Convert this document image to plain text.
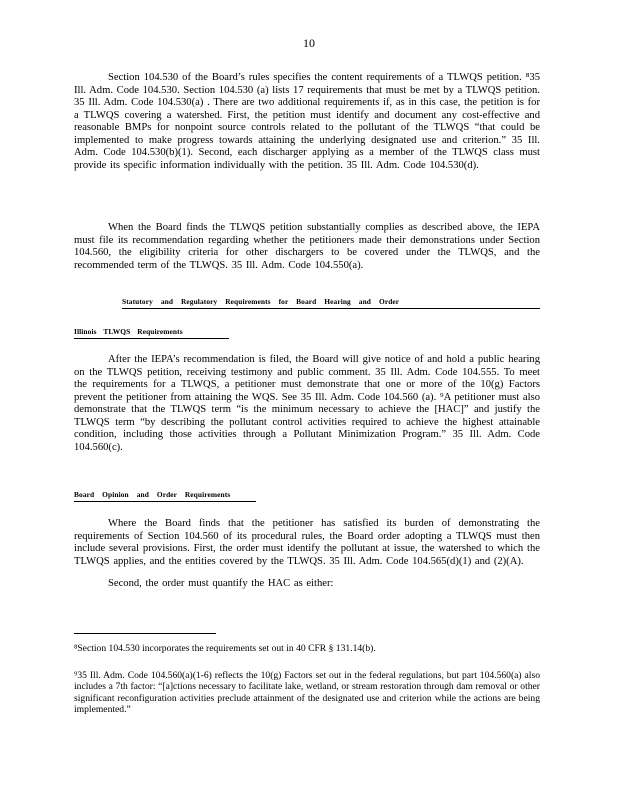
10

Section 104.530 of the Board’s rules specifies the content requirements of a TLWQS petition. ⁸35 Ill. Adm. Code 104.530. Section 104.530 (a) lists 17 requirements that must be met by a TLWQS petition. 35 Ill. Adm. Code 104.530(a) . There are two additional requirements if, as in this case, the petition is for a TLWQS covering a watershed. First, the petition must identify and document any cost-effective and reasonable BMPs for nonpoint source controls related to the pollutant of the TLWQS “that could be implemented to make progress towards attaining the underlying designated use and criterion.” 35 Ill. Adm. Code 104.530(b)(1). Second, each discharger applying as a member of the TLWQS class must provide its specific information individually with the petition. 35 Ill. Adm. Code 104.530(d).

When the Board finds the TLWQS petition substantially complies as described above, the IEPA must file its recommendation regarding whether the petitioners made their demonstrations under Section 104.560, the eligibility criteria for other dischargers to be covered under the TLWQS, and the recommended term of the TLWQS. 35 Ill. Adm. Code 104.550(a).

Statutory and Regulatory Requirements for Board Hearing and Order
Illinois TLWQS Requirements

After the IEPA’s recommendation is filed, the Board will give notice of and hold a public hearing on the TLWQS petition, receiving testimony and public comment. 35 Ill. Adm. Code 104.555. To meet the requirements for a TLWQS, a petitioner must demonstrate that one or more of the 10(g) Factors prevent the petitioner from attaining the WQS. See 35 Ill. Adm. Code 104.560 (a). ⁹A petitioner must also demonstrate that the TLWQS term “is the minimum necessary to achieve the [HAC]” and justify the TLWQS term “by describing the pollutant control activities required to achieve the highest attainable condition, including those activities through a Pollutant Minimization Program.” 35 Ill. Adm. Code 104.560(c).

Board Opinion and Order Requirements

Where the Board finds that the petitioner has satisfied its burden of demonstrating the requirements of Section 104.560 of its procedural rules, the Board order adopting a TLWQS must then include several provisions. First, the order must identify the pollutant at issue, the watershed to which the TLWQS applies, and the entities covered by the TLWQS. 35 Ill. Adm. Code 104.565(d)(1) and (2)(A).

Second, the order must quantify the HAC as either:

⁸Section 104.530 incorporates the requirements set out in 40 CFR § 131.14(b).
⁹35 Ill. Adm. Code 104.560(a)(1-6) reflects the 10(g) Factors set out in the federal regulations, but part 104.560(a) also includes a 7th factor: “[a]ctions necessary to facilitate lake, wetland, or stream restoration through dam removal or other significant reconfiguration activities preclude attainment of the designated use and criterion while the actions are being implemented.”
